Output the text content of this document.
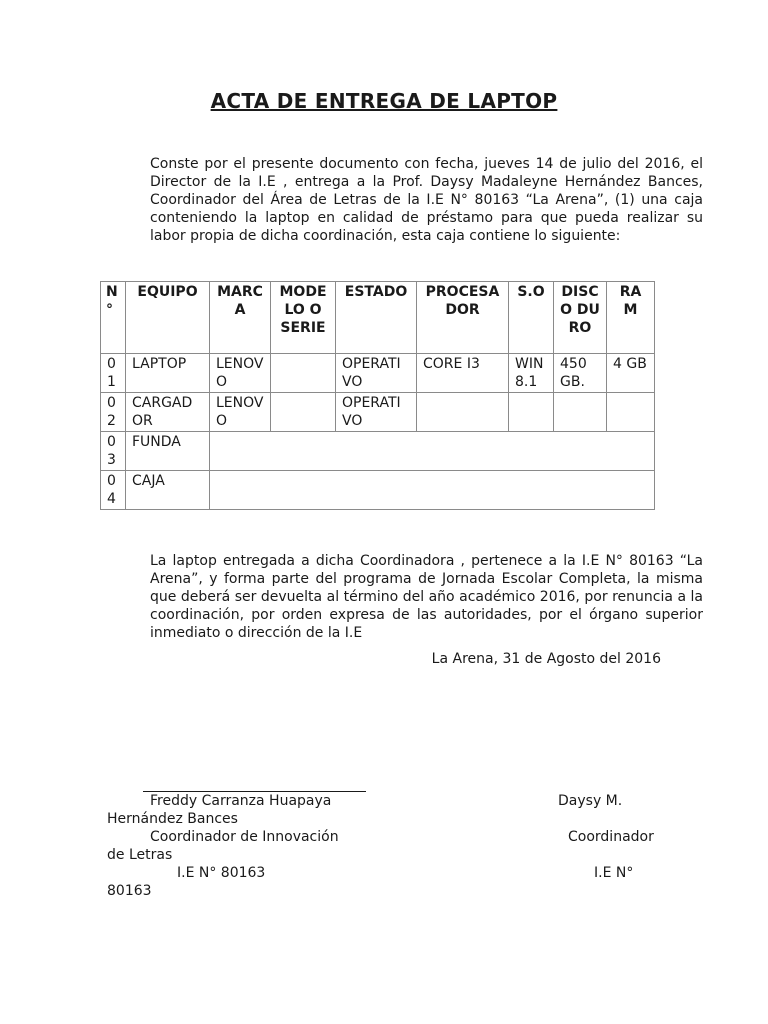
ACTA DE ENTREGA DE LAPTOP

Conste por el presente documento con fecha, jueves 14 de julio del 2016, el Director de la I.E , entrega a la Prof. Daysy Madaleyne Hernández Bances, Coordinador del Área de Letras de la I.E N° 80163 “La Arena”, (1) una caja conteniendo la laptop en calidad de préstamo para que pueda realizar su labor propia de dicha coordinación, esta caja contiene lo siguiente:

N°	EQUIPO	MARCA	MODELO O SERIE	ESTADO	PROCESADOR	S.O	DISCO DURO	RAM
01	LAPTOP	LENOVO		OPERATIVO	CORE I3	WIN 8.1	450 GB.	4 GB
02	CARGADOR	LENOVO		OPERATIVO				
03	FUNDA							
04	CAJA							

La laptop entregada a dicha Coordinadora , pertenece a la I.E N° 80163 “La Arena”, y forma parte del programa de Jornada Escolar Completa, la misma que deberá ser devuelta al término del año académico 2016, por renuncia a la coordinación, por orden expresa de las autoridades, por el órgano superior inmediato o dirección de la I.E

La Arena, 31 de Agosto del 2016
Freddy Carranza Huapaya	Daysy M.
Hernández Bances
Coordinador de Innovación	Coordinador
de Letras
I.E N° 80163	I.E N°
80163
